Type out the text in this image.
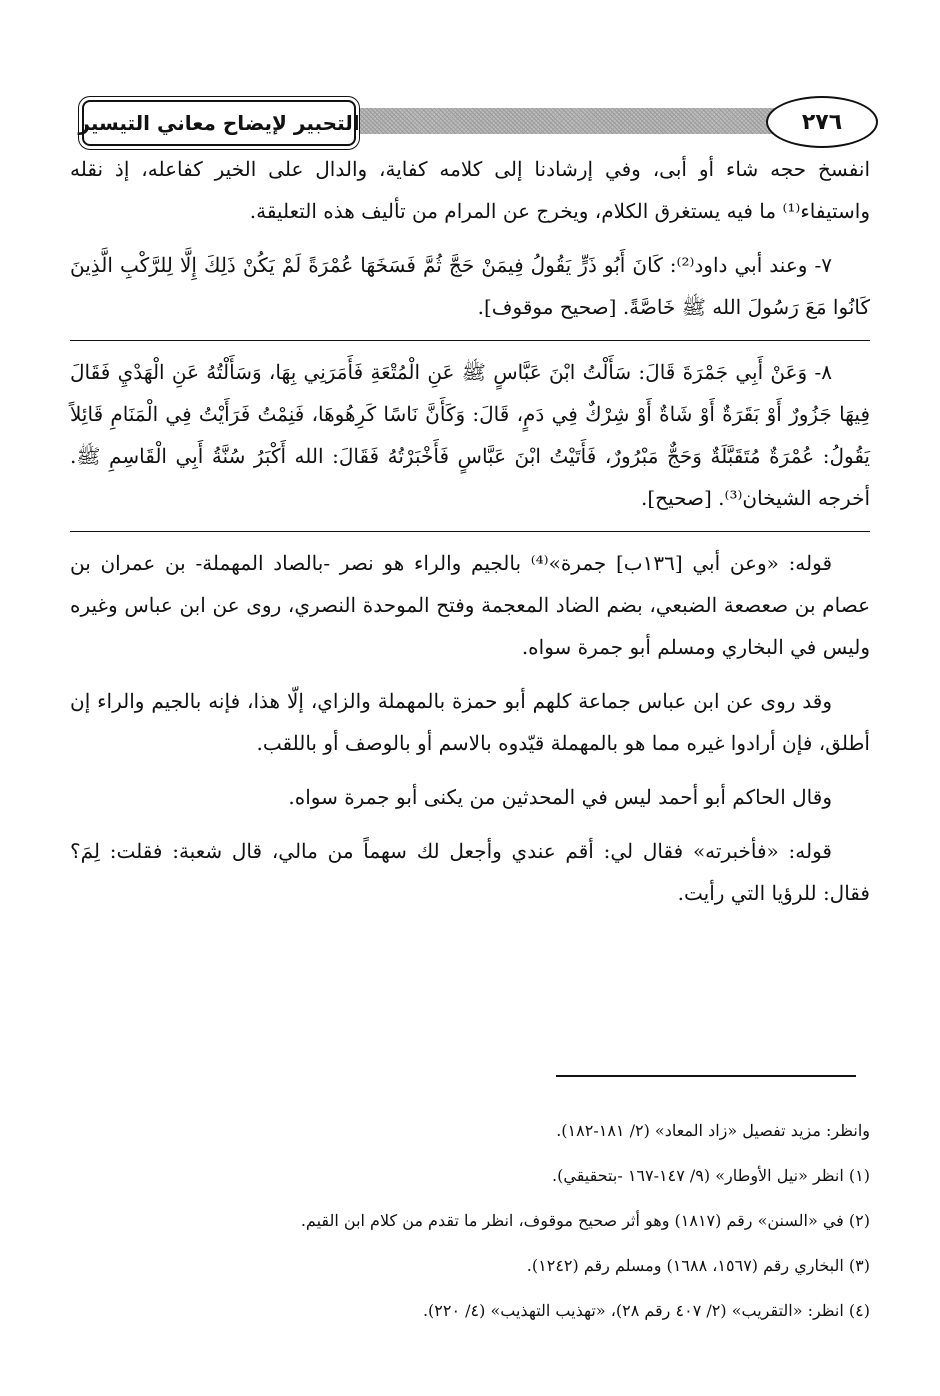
التحبير لإيضاح معاني التيسير	٢٧٦

انفسخ حجه شاء أو أبى، وفي إرشادنا إلى كلامه كفاية، والدال على الخير كفاعله، إذ نقله واستيفاء⁽¹⁾ ما فيه يستغرق الكلام، ويخرج عن المرام من تأليف هذه التعليقة.

٧- وعند أبي داود⁽²⁾: كَانَ أَبُو ذَرٍّ يَقُولُ فِيمَنْ حَجَّ ثُمَّ فَسَخَهَا عُمْرَةً لَمْ يَكُنْ ذَلِكَ إِلَّا لِلرَّكْبِ الَّذِينَ كَانُوا مَعَ رَسُولَ الله ﷺ خَاصَّةً. [صحيح موقوف].

٨- وَعَنْ أَبِي جَمْرَةَ قَالَ: سَأَلْتُ ابْنَ عَبَّاسٍ ﷺ عَنِ الْمُتْعَةِ فَأَمَرَنِي بِهَا، وَسَأَلْتُهُ عَنِ الْهَدْيِ فَقَالَ فِيهَا جَزُورٌ أَوْ بَقَرَةٌ أَوْ شَاةٌ أَوْ شِرْكٌ فِي دَمٍ، قَالَ: وَكَأَنَّ نَاسًا كَرِهُوهَا، فَنِمْتُ فَرَأَيْتُ فِي الْمَنَامِ قَائِلاً يَقُولُ: عُمْرَةٌ مُتَقَبَّلَةٌ وَحَجٌّ مَبْرُورٌ، فَأَتَيْتُ ابْنَ عَبَّاسٍ فَأَخْبَرْتُهُ فَقَالَ: الله أَكْبَرُ سُنَّةُ أَبِي الْقَاسِمِ ﷺ. أخرجه الشيخان⁽³⁾. [صحيح].

قوله: «وعن أبي [١٣٦ب] جمرة»⁽⁴⁾ بالجيم والراء هو نصر -بالصاد المهملة- بن عمران بن عصام بن صعصعة الضبعي، بضم الضاد المعجمة وفتح الموحدة النصري، روى عن ابن عباس وغيره وليس في البخاري ومسلم أبو جمرة سواه.

وقد روى عن ابن عباس جماعة كلهم أبو حمزة بالمهملة والزاي، إلّا هذا، فإنه بالجيم والراء إن أطلق، فإن أرادوا غيره مما هو بالمهملة قيّدوه بالاسم أو بالوصف أو باللقب.

وقال الحاكم أبو أحمد ليس في المحدثين من يكنى أبو جمرة سواه.

قوله: «فأخبرته» فقال لي: أقم عندي وأجعل لك سهماً من مالي، قال شعبة: فقلت: لِمَ؟ فقال: للرؤيا التي رأيت.

وانظر: مزيد تفصيل «زاد المعاد» (٢/ ١٨١-١٨٢).

(١) انظر «نيل الأوطار» (٩/ ١٤٧-١٦٧ -بتحقيقي).

(٢) في «السنن» رقم (١٨١٧) وهو أثر صحيح موقوف، انظر ما تقدم من كلام ابن القيم.

(٣) البخاري رقم (١٥٦٧، ١٦٨٨) ومسلم رقم (١٢٤٢).

(٤) انظر: «التقريب» (٢/ ٤٠٧ رقم ٢٨)، «تهذيب التهذيب» (٤/ ٢٢٠).
